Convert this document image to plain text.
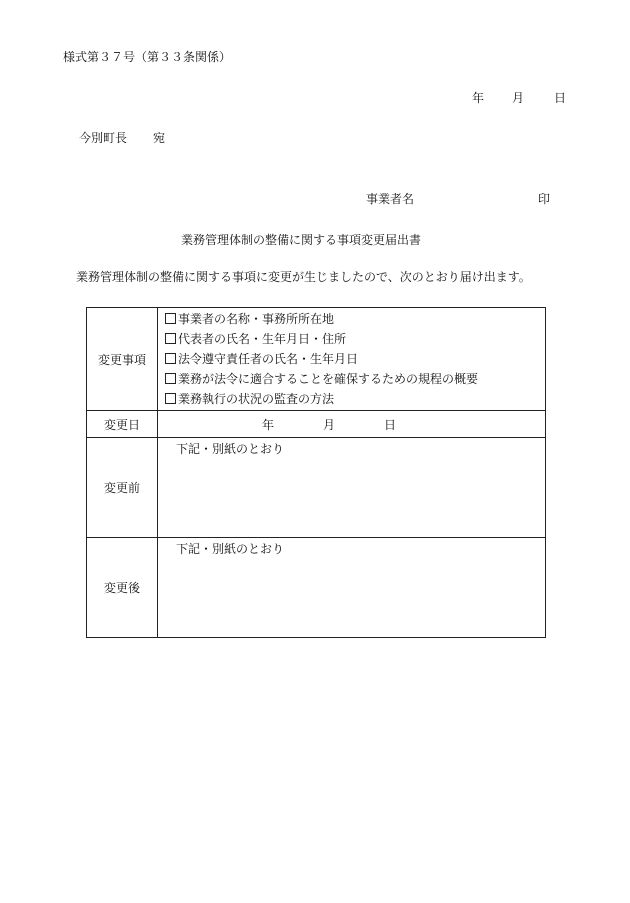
様式第３７号（第３３条関係）
年 月 日
今別町長 宛
事業者名	印
業務管理体制の整備に関する事項変更届出書
業務管理体制の整備に関する事項に変更が生じましたので、次のとおり届け出ます。
変更事項	事業者の名称・事務所所在地
代表者の氏名・生年月日・住所
法令遵守責任者の氏名・生年月日
業務が法令に適合することを確保するための規程の概要
業務執行の状況の監査の方法

変更日	年 月 日
変更前	下記・別紙のとおり

変更後	下記・別紙のとおり
